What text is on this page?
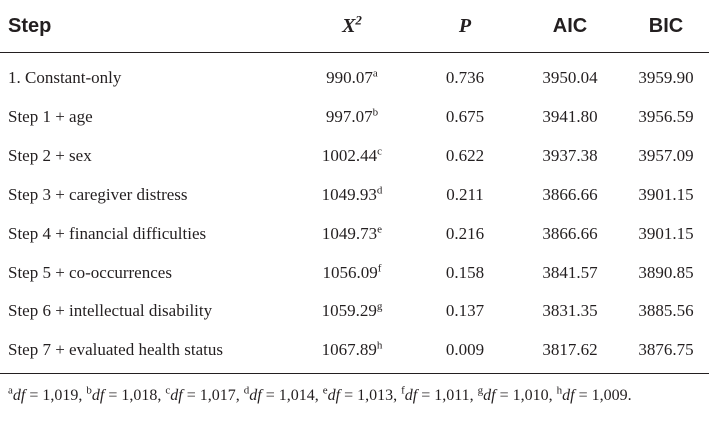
Step	$X^2$	P	AIC	BIC
1. Constant-only	990.07$^a$	0.736	3950.04	3959.90
Step 1 + age	997.07$^b$	0.675	3941.80	3956.59
Step 2 + sex	1002.44$^c$	0.622	3937.38	3957.09
Step 3 + caregiver distress	1049.93$^d$	0.211	3866.66	3901.15
Step 4 + financial difficulties	1049.73e	0.216	3866.66	3901.15
Step 5 + co-occurrences	1056.09$^f$	0.158	3841.57	3890.85
Step 6 + intellectual disability	1059.29$^g$	0.137	3831.35	3885.56
Step 7 + evaluated health status	1067.89$^h$	0.009	3817.62	3876.75
$^a$df = 1,019, $^b$df = 1,018, $^c$df = 1,017, $^d$df = 1,014, $^e$df = 1,013, $^f$df = 1,011, $^g$df = 1,010, $^h$df = 1,009.
